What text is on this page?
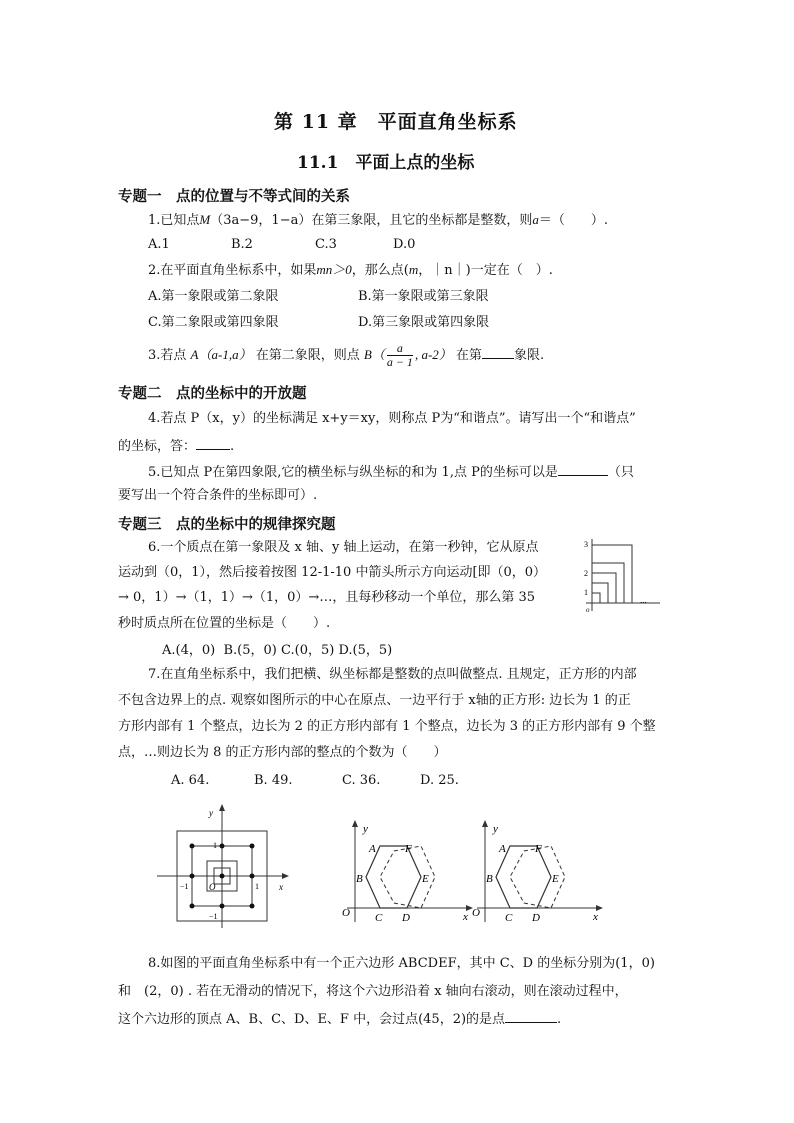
第 11 章　平面直角坐标系
11.1　平面上点的坐标
专题一　点的位置与不等式间的关系
1.已知点M（3a−9，1−a）在第三象限，且它的坐标都是整数，则a＝（　　）.
A.1	B.2	C.3	D.0
2.在平面直角坐标系中，如果mn＞0，那么点(m，｜n｜)一定在（　）.
A.第一象限或第二象限	B.第一象限或第三象限
C.第二象限或第四象限	D.第三象限或第四象限
3.若点 A（a-1,a） 在第二象限，则点 $B( \frac{a}{a - 1}$ , a-2） 在第 象限.
专题二　点的坐标中的开放题
4.若点 P（x，y）的坐标满足 x+y＝xy，则称点 P为“和谐点”。请写出一个“和谐点”
的坐标，答：	.
5.已知点 P在第四象限,它的横坐标与纵坐标的和为 1,点 P的坐标可以是	（只
要写出一个符合条件的坐标即可）.
专题三　点的坐标中的规律探究题
6.一个质点在第一象限及 x 轴、y 轴上运动，在第一秒钟，它从原点
运动到（0，1），然后接着按图 12-1-10 中箭头所示方向运动[即（0，0）
→ 0，1）→（1，1）→（1，0）→…，且每秒移动一个单位，那么第 35
秒时质点所在位置的坐标是（　　）.
A.(4，0) B.(5，0) C.(0，5) D.(5，5)
3
2
1
o
...
7.在直角坐标系中，我们把横、纵坐标都是整数的点叫做整点. 且规定，正方形的内部
不包含边界上的点. 观察如图所示的中心在原点、一边平行于 x轴的正方形: 边长为 1 的正
方形内部有 1 个整点，边长为 2 的正方形内部有 1 个整点，边长为 3 的正方形内部有 9 个整
点，…则边长为 8 的正方形内部的整点的个数为（　　）
A. 64.	B. 49.	C. 36.	D. 25.
y
x
O
1
−1	1
−1
y
x
O
A	F
B	E
C D
y
x
O
A	F
B	E
C D
8.如图的平面直角坐标系中有一个正六边形 ABCDEF，其中 C、D 的坐标分别为(1，0)
和　(2，0) . 若在无滑动的情况下，将这个六边形沿着 x 轴向右滚动，则在滚动过程中，
这个六边形的顶点 A、B、C、D、E、F 中，会过点(45，2)的是点	.
